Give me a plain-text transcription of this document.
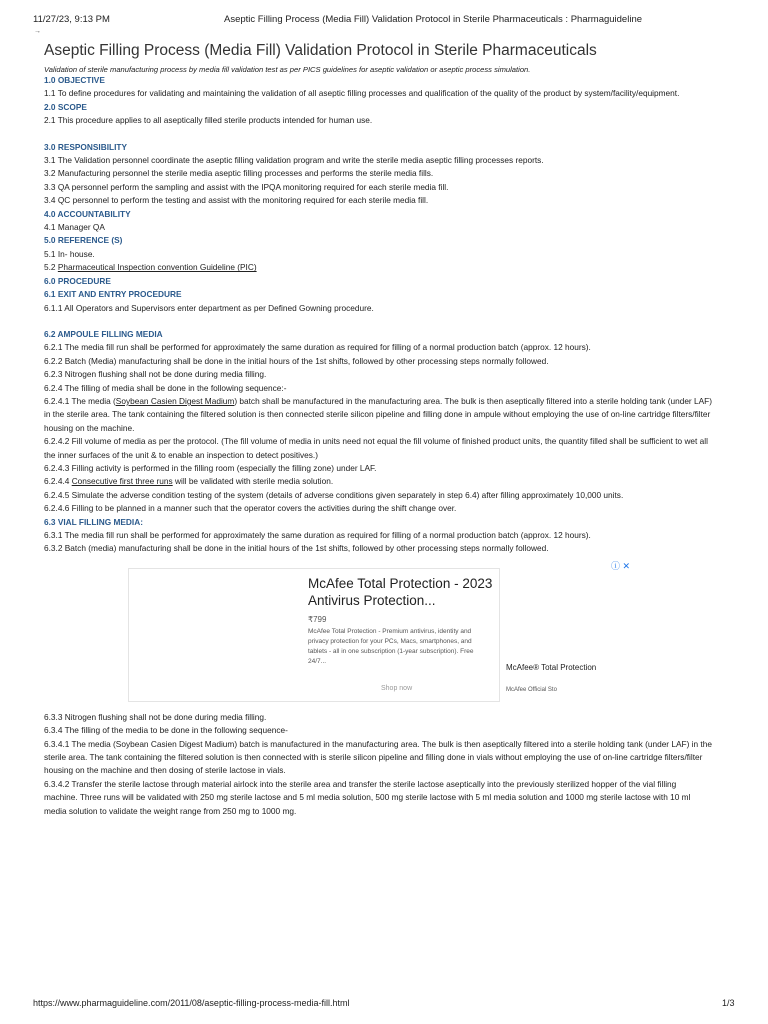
11/27/23, 9:13 PM	Aseptic Filling Process (Media Fill) Validation Protocol in Sterile Pharmaceuticals : Pharmaguideline
→
Aseptic Filling Process (Media Fill) Validation Protocol in Sterile Pharmaceuticals
Validation of sterile manufacturing process by media fill validation test as per PICS guidelines for aseptic validation or aseptic process simulation.

1.0 OBJECTIVE

1.1 To define procedures for validating and maintaining the validation of all aseptic filling processes and qualification of the quality of the product by system/facility/equipment.

2.0 SCOPE

2.1 This procedure applies to all aseptically filled sterile products intended for human use.

3.0 RESPONSIBILITY

3.1 The Validation personnel coordinate the aseptic filling validation program and write the sterile media aseptic filling processes reports.

3.2 Manufacturing personnel the sterile media aseptic filling processes and performs the sterile media fills.

3.3 QA personnel perform the sampling and assist with the IPQA monitoring required for each sterile media fill.

3.4 QC personnel to perform the testing and assist with the monitoring required for each sterile media fill.

4.0 ACCOUNTABILITY

4.1 Manager QA

5.0 REFERENCE (S)

5.1 In- house.

5.2 Pharmaceutical Inspection convention Guideline (PIC)

6.0 PROCEDURE

6.1 EXIT AND ENTRY PROCEDURE

6.1.1 All Operators and Supervisors enter department as per Defined Gowning procedure.

6.2 AMPOULE FILLING MEDIA

6.2.1 The media fill run shall be performed for approximately the same duration as required for filling of a normal production batch (approx. 12 hours).

6.2.2 Batch (Media) manufacturing shall be done in the initial hours of the 1st shifts, followed by other processing steps normally followed.

6.2.3 Nitrogen flushing shall not be done during media filling.

6.2.4 The filling of media shall be done in the following sequence:-

6.2.4.1 The media (Soybean Casien Digest Madium) batch shall be manufactured in the manufacturing area. The bulk is then aseptically filtered into a sterile holding tank (under LAF) in the sterile area. The tank containing the filtered solution is then connected sterile silicon pipeline and filling done in ampule without employing the use of on-line cartridge filters/filter housing on the machine.

6.2.4.2 Fill volume of media as per the protocol. (The fill volume of media in units need not equal the fill volume of finished product units, the quantity filled shall be sufficient to wet all the inner surfaces of the unit & to enable an inspection to detect positives.)

6.2.4.3 Filling activity is performed in the filling room (especially the filling zone) under LAF.

6.2.4.4 Consecutive first three runs will be validated with sterile media solution.

6.2.4.5 Simulate the adverse condition testing of the system (details of adverse conditions given separately in step 6.4) after filling approximately 10,000 units.

6.2.4.6 Filling to be planned in a manner such that the operator covers the activities during the shift change over.

6.3 VIAL FILLING MEDIA:

6.3.1 The media fill run shall be performed for approximately the same duration as required for filling of a normal production batch (approx. 12 hours).

6.3.2 Batch (media) manufacturing shall be done in the initial hours of the 1st shifts, followed by other processing steps normally followed.

ⓘ ✕
McAfee Total Protection - 2023 Antivirus Protection...
₹799
McAfee Total Protection - Premium antivirus, identity and privacy protection for your PCs, Macs, smartphones, and tablets - all in one subscription (1-year subscription). Free 24/7...
Shop now
McAfee® Total Protection
McAfee Official Sto

6.3.3 Nitrogen flushing shall not be done during media filling.

6.3.4 The filling of the media to be done in the following sequence-

6.3.4.1 The media (Soybean Casien Digest Madium) batch is manufactured in the manufacturing area. The bulk is then aseptically filtered into a sterile holding tank (under LAF) in the sterile area. The tank containing the filtered solution is then connected with is sterile silicon pipeline and filling done in vials without employing the use of on-line cartridge filters/filter housing on the machine and then dosing of sterile lactose in vials.

6.3.4.2 Transfer the sterile lactose through material airlock into the sterile area and transfer the sterile lactose aseptically into the previously sterilized hopper of the vial filling machine. Three runs will be validated with 250 mg sterile lactose and 5 ml media solution, 500 mg sterile lactose with 5 ml media solution and 1000 mg sterile lactose with 10 ml media solution to validate the weight range from 250 mg to 1000 mg.

https://www.pharmaguideline.com/2011/08/aseptic-filling-process-media-fill.html	1/3
